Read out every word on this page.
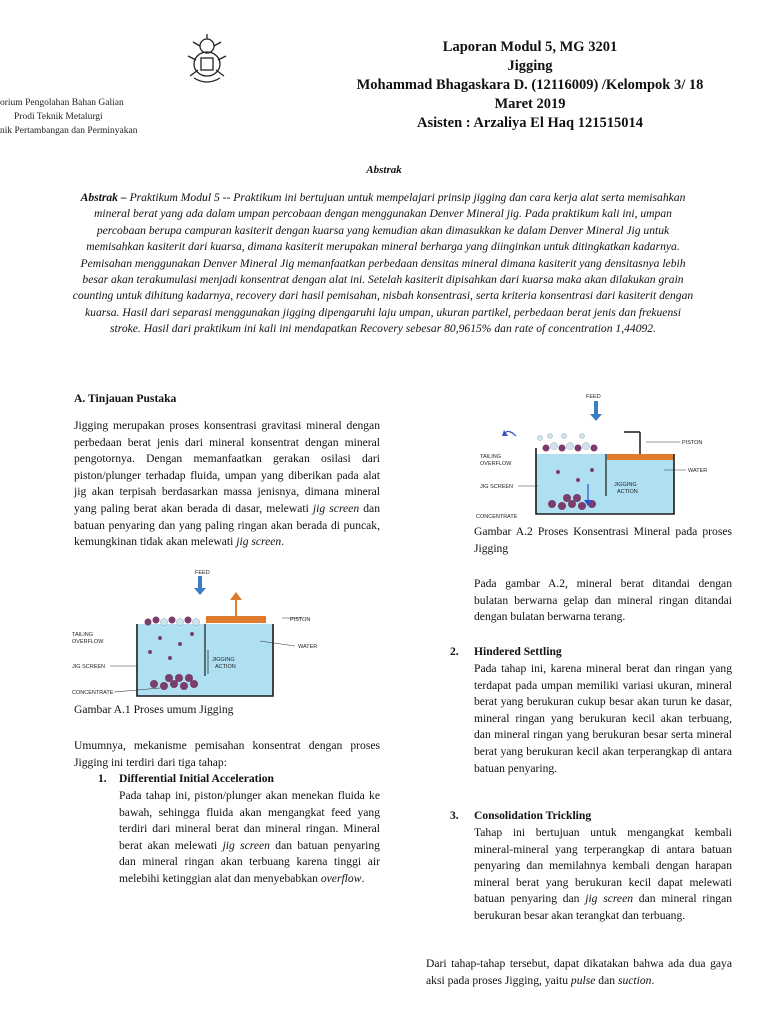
orium Pengolahan Bahan Galian
Prodi Teknik Metalurgi
nik Pertambangan dan Perminyakan
Laporan Modul 5, MG 3201
Jigging
Mohammad Bhagaskara D. (12116009) /Kelompok 3/ 18
Maret 2019
Asisten : Arzaliya El Haq 121515014
Abstrak
Abstrak – Praktikum Modul 5 -- Praktikum ini bertujuan untuk mempelajari prinsip jigging dan cara kerja alat serta memisahkan mineral berat yang ada dalam umpan percobaan dengan menggunakan Denver Mineral jig. Pada praktikum kali ini, umpan percobaan berupa campuran kasiterit dengan kuarsa yang kemudian akan dimasukkan ke dalam Denver Mineral Jig untuk memisahkan kasiterit dari kuarsa, dimana kasiterit merupakan mineral berharga yang diinginkan untuk ditingkatkan kadarnya. Pemisahan menggunakan Denver Mineral Jig memanfaatkan perbedaan densitas mineral dimana kasiterit yang densitasnya lebih besar akan terakumulasi menjadi konsentrat dengan alat ini. Setelah kasiterit dipisahkan dari kuarsa maka akan dilakukan grain counting untuk dihitung kadarnya, recovery dari hasil pemisahan, nisbah konsentrasi, serta kriteria konsentrasi dari kasiterit dengan kuarsa. Hasil dari separasi menggunakan jigging dipengaruhi laju umpan, ukuran partikel, perbedaan berat jenis dan frekuensi stroke. Hasil dari praktikum ini kali ini mendapatkan Recovery sebesar 80,9615% dan rate of concentration 1,44092.
A. Tinjauan Pustaka
Jigging merupakan proses konsentrasi gravitasi mineral dengan perbedaan berat jenis dari mineral konsentrat dengan mineral pengotornya. Dengan memanfaatkan gerakan osilasi dari piston/plunger terhadap fluida, umpan yang diberikan pada alat jig akan terpisah berdasarkan massa jenisnya, dimana mineral yang paling berat akan berada di dasar, melewati jig screen dan batuan penyaring dan yang paling ringan akan berada di puncak, kemungkinan tidak akan melewati jig screen.
FEED
PISTON
WATER
TAILING
OVERFLOW
JIG SCREEN
CONCENTRATE
JIGGING
ACTION
Gambar A.1 Proses umum Jigging
Umumnya, mekanisme pemisahan konsentrat dengan proses Jigging ini terdiri dari tiga tahap:
1. Differential Initial Acceleration
Pada tahap ini, piston/plunger akan menekan fluida ke bawah, sehingga fluida akan mengangkat feed yang terdiri dari mineral berat dan mineral ringan. Mineral berat akan melewati jig screen dan batuan penyaring dan mineral ringan akan terbuang karena tinggi air melebihi ketinggian alat dan menyebabkan overflow.
FEED
PISTON
WATER
TAILING
OVERFLOW
JIG SCREEN
CONCENTRATE
JIGGING
ACTION
Gambar A.2 Proses Konsentrasi Mineral pada proses Jigging
Pada gambar A.2, mineral berat ditandai dengan bulatan berwarna gelap dan mineral ringan ditandai dengan bulatan berwarna terang.
2. Hindered Settling
Pada tahap ini, karena mineral berat dan ringan yang terdapat pada umpan memiliki variasi ukuran, mineral berat yang berukuran cukup besar akan turun ke dasar, mineral ringan yang berukuran kecil akan terbuang, dan mineral ringan yang berukuran besar serta mineral berat yang berukuran kecil akan terperangkap di antara batuan penyaring.
3. Consolidation Trickling
Tahap ini bertujuan untuk mengangkat kembali mineral-mineral yang terperangkap di antara batuan penyaring dan memilahnya kembali dengan harapan mineral berat yang berukuran kecil dapat melewati batuan penyaring dan jig screen dan mineral ringan berukuran besar akan terangkat dan terbuang.
Dari tahap-tahap tersebut, dapat dikatakan bahwa ada dua gaya aksi pada proses Jigging, yaitu pulse dan suction.
